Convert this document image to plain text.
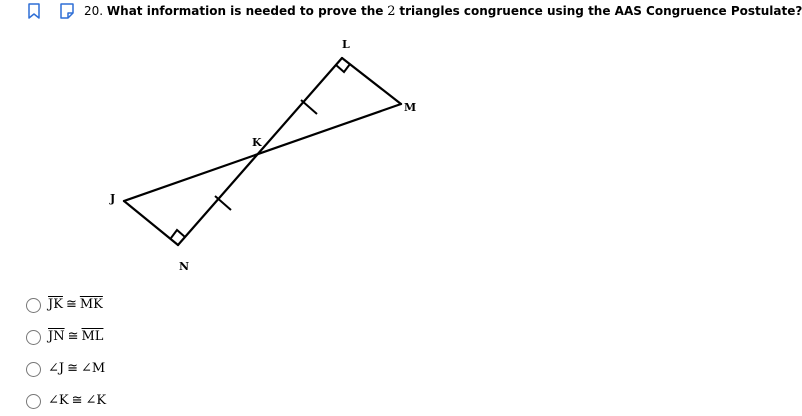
20. What information is needed to prove the 2 triangles congruence using the AAS Congruence Postulate?
L
M
K
J
N
$\overline{JK}$ ≅ $\overline{MK}$
$\overline{JN}$ ≅ $\overline{ML}$
∠J ≅ ∠M
∠K ≅ ∠K
